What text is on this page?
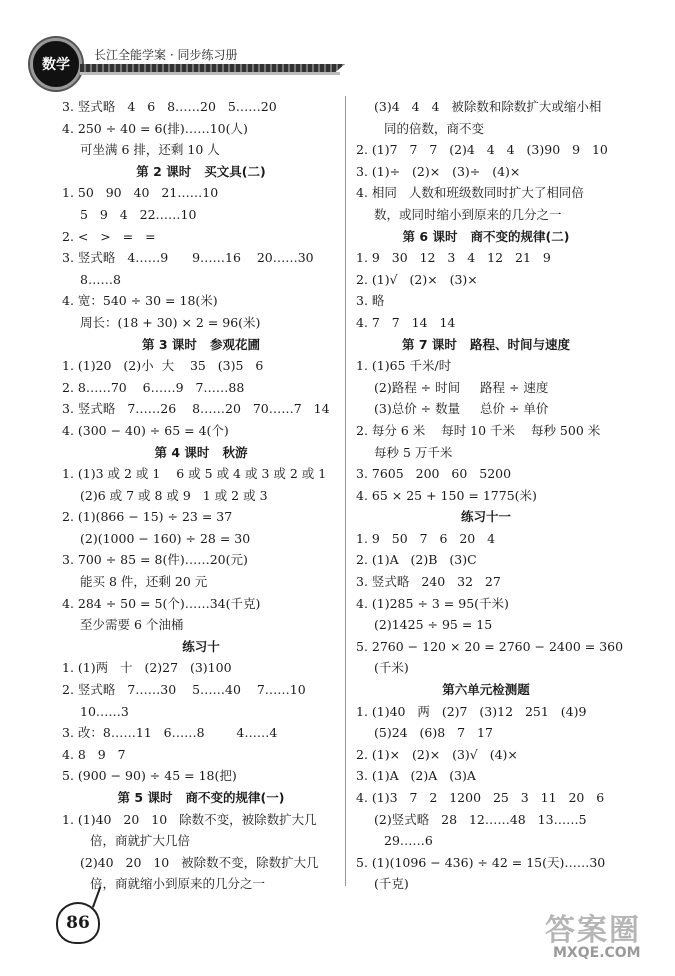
数学
长江全能学案 · 同步练习册
3. 竖式略   4   6   8……20   5……20
4. 250 ÷ 40 = 6(排)……10(人)
可坐满 6 排，还剩 10 人
第 2 课时   买文具(二)
1. 50   90   40   21……10
5   9   4   22……10
2. <   >   =   =
3. 竖式略   4……9      9……16    20……30
8……8
4. 宽：540 ÷ 30 = 18(米)
周长：(18 + 30) × 2 = 96(米)
第 3 课时   参观花圃
1. (1)20   (2)小  大    35   (3)5   6
2. 8……70    6……9   7……88
3. 竖式略   7……26    8……20   70……7   14
4. (300 − 40) ÷ 65 = 4(个)
第 4 课时   秋游
1. (1)3 或 2 或 1    6 或 5 或 4 或 3 或 2 或 1
(2)6 或 7 或 8 或 9   1 或 2 或 3
2. (1)(866 − 15) ÷ 23 = 37
(2)(1000 − 160) ÷ 28 = 30
3. 700 ÷ 85 = 8(件)……20(元)
能买 8 件，还剩 20 元
4. 284 ÷ 50 = 5(个)……34(千克)
至少需要 6 个油桶
练习十
1. (1)两   十   (2)27   (3)100
2. 竖式略   7……30    5……40    7……10
10……3
3. 改：8……11   6……8        4……4
4. 8   9   7
5. (900 − 90) ÷ 45 = 18(把)
第 5 课时   商不变的规律(一)
1. (1)40   20   10   除数不变，被除数扩大几
倍，商就扩大几倍
(2)40   20   10   被除数不变，除数扩大几
倍，商就缩小到原来的几分之一
(3)4   4   4   被除数和除数扩大或缩小相
同的倍数，商不变
2. (1)7   7   7   (2)4   4   4   (3)90   9   10
3. (1)÷   (2)×   (3)÷   (4)×
4. 相同   人数和班级数同时扩大了相同倍
数，或同时缩小到原来的几分之一
第 6 课时   商不变的规律(二)
1. 9   30   12   3   4   12   21   9
2. (1)√   (2)×   (3)×
3. 略
4. 7   7   14   14
第 7 课时   路程、时间与速度
1. (1)65 千米/时
(2)路程 ÷ 时间     路程 ÷ 速度
(3)总价 ÷ 数量     总价 ÷ 单价
2. 每分 6 米    每时 10 千米    每秒 500 米
每秒 5 万千米
3. 7605   200   60   5200
4. 65 × 25 + 150 = 1775(米)
练习十一
1. 9   50   7   6   20   4
2. (1)A   (2)B   (3)C
3. 竖式略   240   32   27
4. (1)285 ÷ 3 = 95(千米)
(2)1425 ÷ 95 = 15
5. 2760 − 120 × 20 = 2760 − 2400 = 360
(千米)
第六单元检测题
1. (1)40   两   (2)7   (3)12   251   (4)9
(5)24   (6)8   7   17
2. (1)×   (2)×   (3)√   (4)×
3. (1)A   (2)A   (3)A
4. (1)3   7   2   1200   25   3   11   20   6
(2)竖式略   28   12……48   13……5
29……6
5. (1)(1096 − 436) ÷ 42 = 15(天)……30
(千克)
86	答案圈
MXQE.COM
